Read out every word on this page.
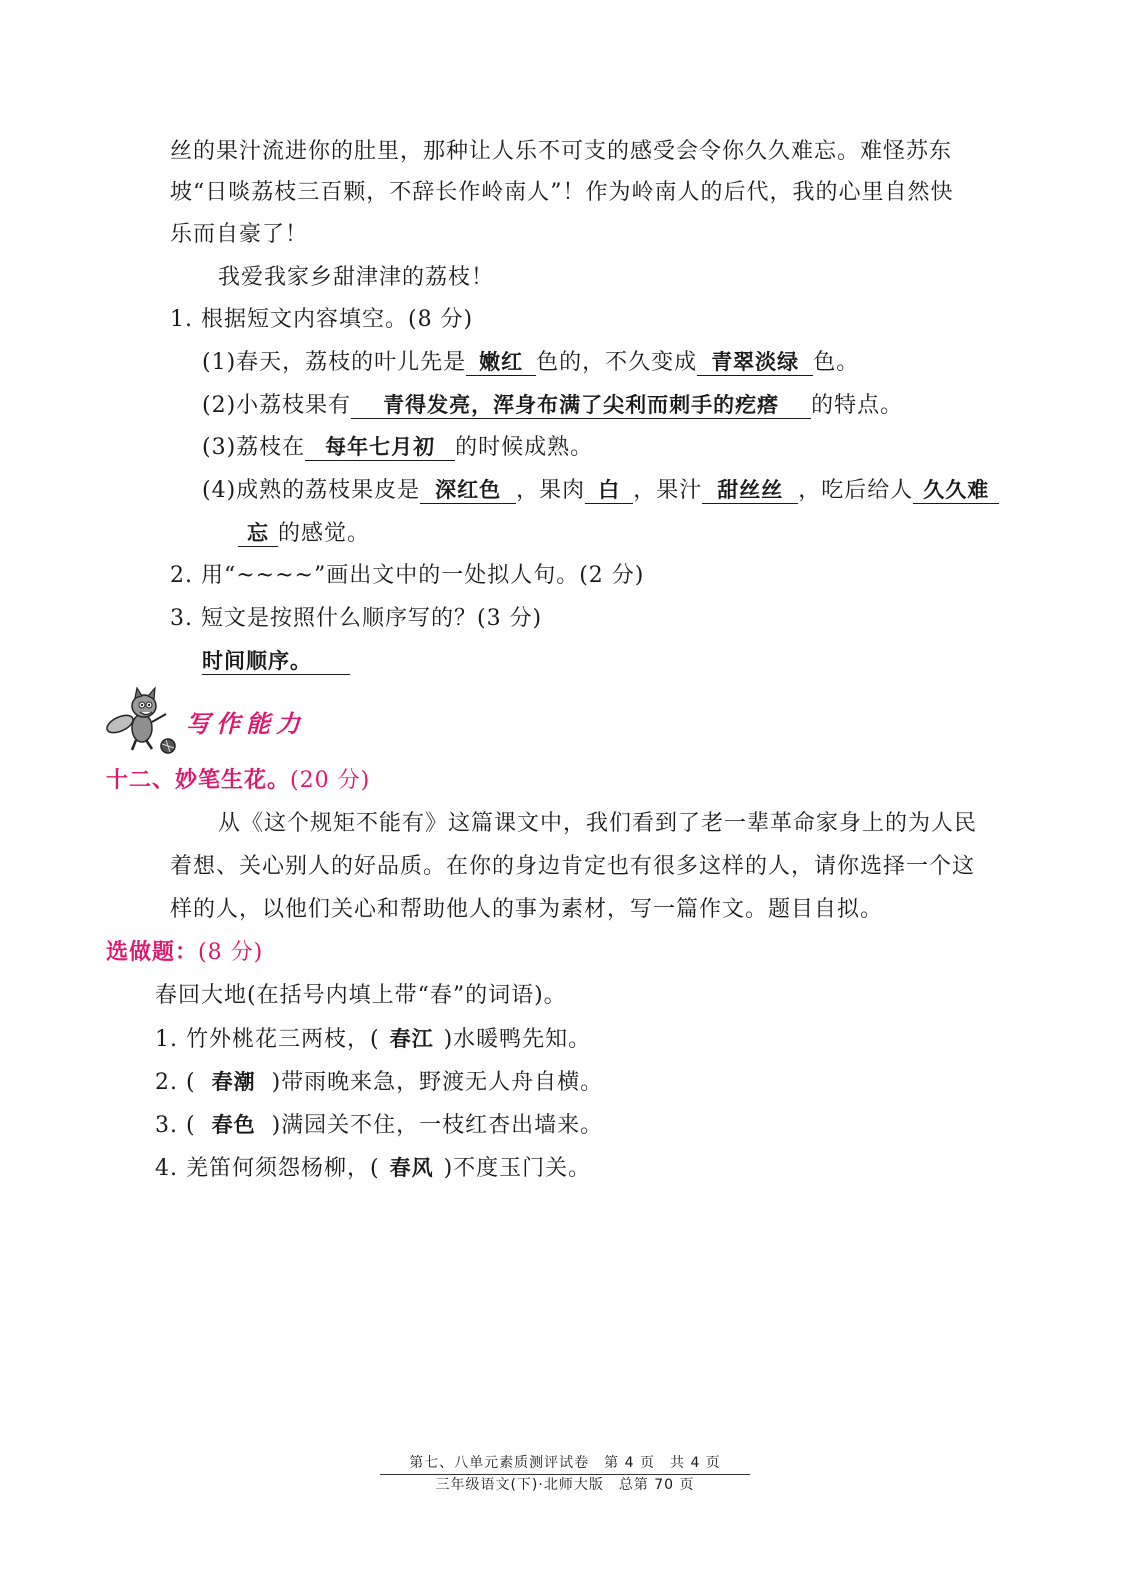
丝的果汁流进你的肚里，那种让人乐不可支的感受会令你久久难忘。难怪苏东
坡“日啖荔枝三百颗，不辞长作岭南人”！作为岭南人的后代，我的心里自然快
乐而自豪了！
我爱我家乡甜津津的荔枝！
1. 根据短文内容填空。(8 分)
(1)春天，荔枝的叶儿先是 嫩红 色的，不久变成 青翠淡绿 色。
(2)小荔枝果有 青得发亮，浑身布满了尖利而刺手的疙瘩 的特点。
(3)荔枝在 每年七月初 的时候成熟。
(4)成熟的荔枝果皮是 深红色 ，果肉 白 ，果汁 甜丝丝 ，吃后给人 久久难
忘 的感觉。
2. 用“~~~~”画出文中的一处拟人句。(2 分)
3. 短文是按照什么顺序写的？(3 分)
时间顺序。
写作能力
十二、妙笔生花。(20 分)
从《这个规矩不能有》这篇课文中，我们看到了老一辈革命家身上的为人民
着想、关心别人的好品质。在你的身边肯定也有很多这样的人，请你选择一个这
样的人，以他们关心和帮助他人的事为素材，写一篇作文。题目自拟。
选做题：(8 分)
春回大地(在括号内填上带“春”的词语)。
1. 竹外桃花三两枝，( 春江 )水暖鸭先知。
2. ( 春潮 )带雨晚来急，野渡无人舟自横。
3. ( 春色 )满园关不住，一枝红杏出墙来。
4. 羌笛何须怨杨柳，( 春风 )不度玉门关。
第七、八单元素质测评试卷　第 4 页　共 4 页
三年级语文(下)·北师大版　总第 70 页
